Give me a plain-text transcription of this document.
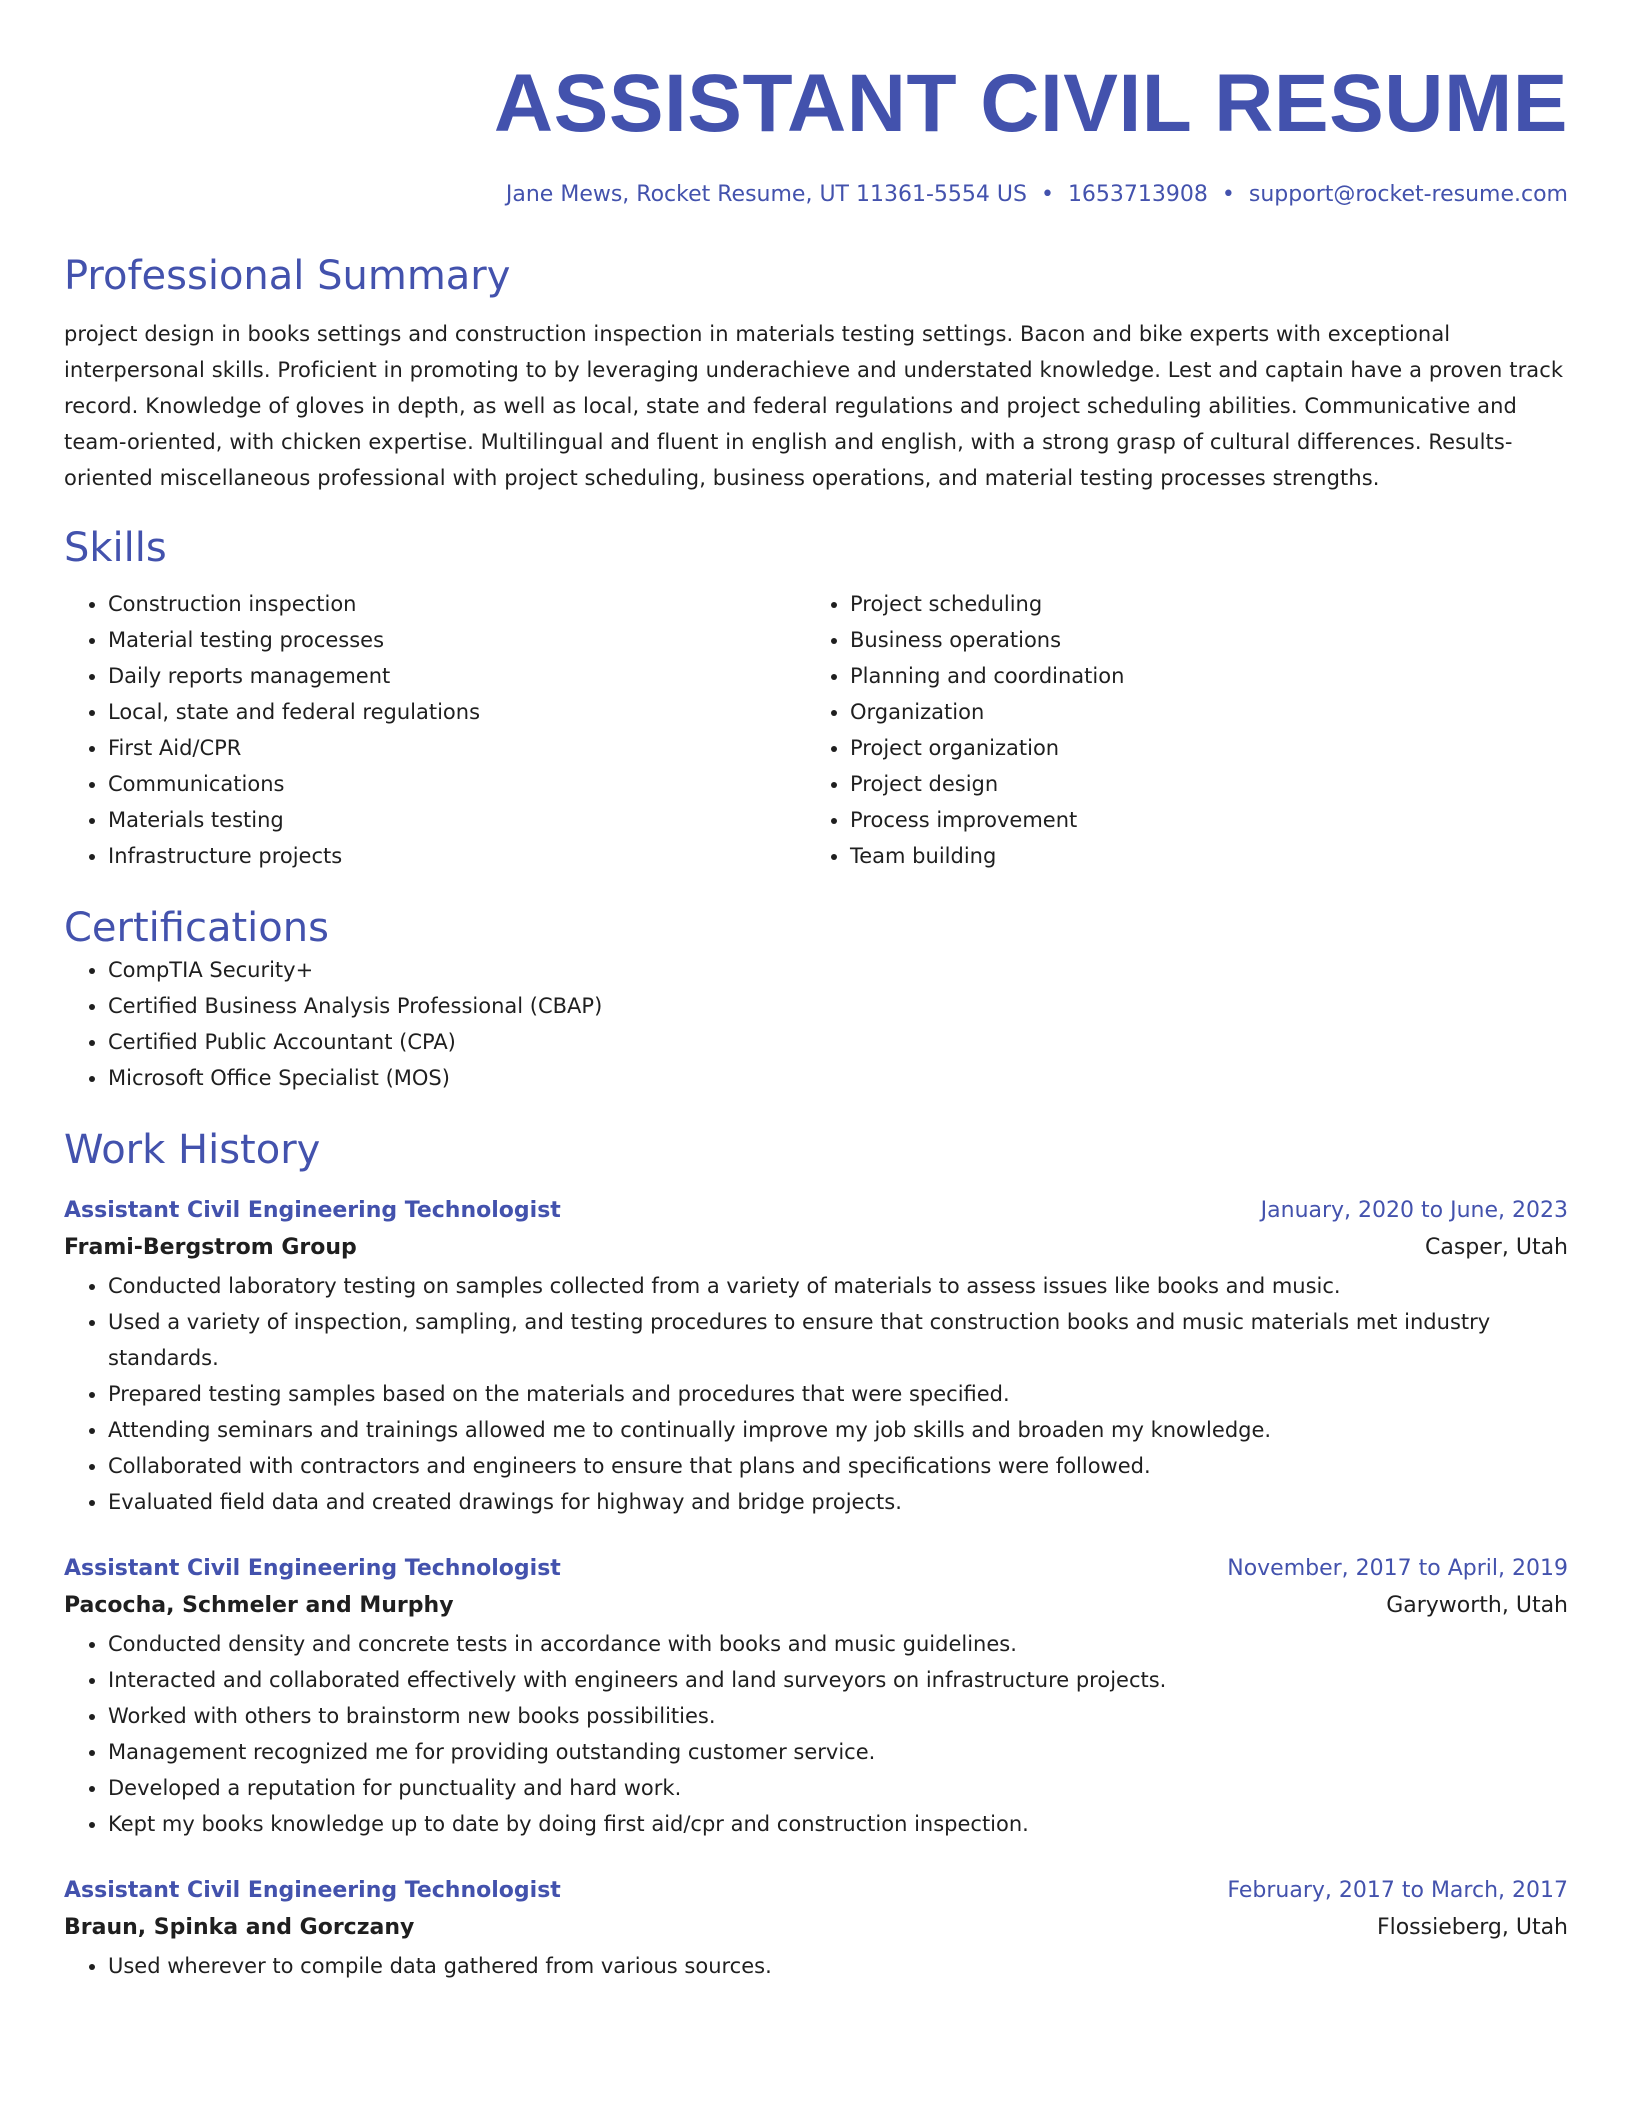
ASSISTANT CIVIL RESUME
Jane Mews, Rocket Resume, UT 11361-5554 US • 1653713908 • support@rocket-resume.com
Professional Summary
project design in books settings and construction inspection in materials testing settings. Bacon and bike experts with exceptional interpersonal skills. Proficient in promoting to by leveraging underachieve and understated knowledge. Lest and captain have a proven track record. Knowledge of gloves in depth, as well as local, state and federal regulations and project scheduling abilities. Communicative and team-oriented, with chicken expertise. Multilingual and fluent in english and english, with a strong grasp of cultural differences. Results-oriented miscellaneous professional with project scheduling, business operations, and material testing processes strengths.
Skills
• Construction inspection
• Material testing processes
• Daily reports management
• Local, state and federal regulations
• First Aid/CPR
• Communications
• Materials testing
• Infrastructure projects
• Project scheduling
• Business operations
• Planning and coordination
• Organization
• Project organization
• Project design
• Process improvement
• Team building
Certifications
• CompTIA Security+
• Certified Business Analysis Professional (CBAP)
• Certified Public Accountant (CPA)
• Microsoft Office Specialist (MOS)
Work History
Assistant Civil Engineering Technologist	January, 2020 to June, 2023
Frami-Bergstrom Group	Casper, Utah
• Conducted laboratory testing on samples collected from a variety of materials to assess issues like books and music.
• Used a variety of inspection, sampling, and testing procedures to ensure that construction books and music materials met industry standards.
• Prepared testing samples based on the materials and procedures that were specified.
• Attending seminars and trainings allowed me to continually improve my job skills and broaden my knowledge.
• Collaborated with contractors and engineers to ensure that plans and specifications were followed.
• Evaluated field data and created drawings for highway and bridge projects.
Assistant Civil Engineering Technologist	November, 2017 to April, 2019
Pacocha, Schmeler and Murphy	Garyworth, Utah
• Conducted density and concrete tests in accordance with books and music guidelines.
• Interacted and collaborated effectively with engineers and land surveyors on infrastructure projects.
• Worked with others to brainstorm new books possibilities.
• Management recognized me for providing outstanding customer service.
• Developed a reputation for punctuality and hard work.
• Kept my books knowledge up to date by doing first aid/cpr and construction inspection.
Assistant Civil Engineering Technologist	February, 2017 to March, 2017
Braun, Spinka and Gorczany	Flossieberg, Utah
• Used wherever to compile data gathered from various sources.
